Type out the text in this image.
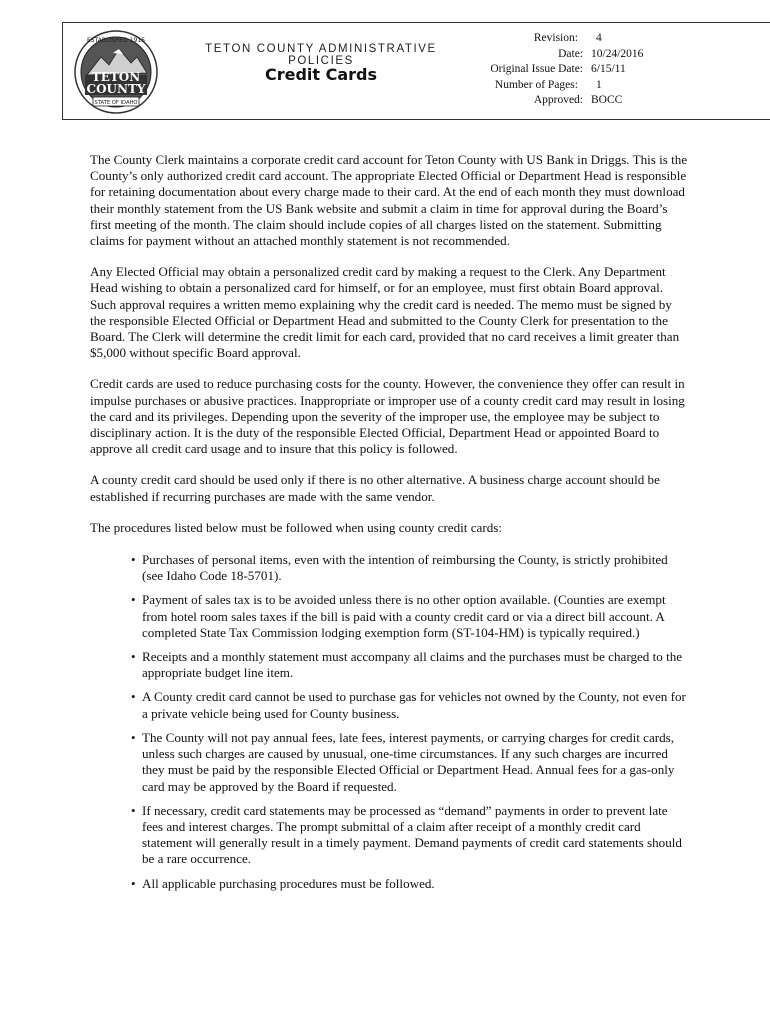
ESTABLISHED 1915
TETON
COUNTY
STATE OF IDAHO
TETON COUNTY ADMINISTRATIVE POLICIES
Credit Cards
Revision:	4
Date: 10/24/2016
Original Issue Date: 6/15/11
Number of Pages:	1
Approved: BOCC

The County Clerk maintains a corporate credit card account for Teton County with US Bank in Driggs. This is the County’s only authorized credit card account. The appropriate Elected Official or Department Head is responsible for retaining documentation about every charge made to their card. At the end of each month they must download their monthly statement from the US Bank website and submit a claim in time for approval during the Board’s first meeting of the month. The claim should include copies of all charges listed on the statement. Submitting claims for payment without an attached monthly statement is not recommended.

Any Elected Official may obtain a personalized credit card by making a request to the Clerk. Any Department Head wishing to obtain a personalized card for himself, or for an employee, must first obtain Board approval. Such approval requires a written memo explaining why the credit card is needed. The memo must be signed by the responsible Elected Official or Department Head and submitted to the County Clerk for presentation to the Board. The Clerk will determine the credit limit for each card, provided that no card receives a limit greater than $5,000 without specific Board approval.

Credit cards are used to reduce purchasing costs for the county. However, the convenience they offer can result in impulse purchases or abusive practices. Inappropriate or improper use of a county credit card may result in losing the card and its privileges. Depending upon the severity of the improper use, the employee may be subject to disciplinary action. It is the duty of the responsible Elected Official, Department Head or appointed Board to approve all credit card usage and to insure that this policy is followed.

A county credit card should be used only if there is no other alternative. A business charge account should be established if recurring purchases are made with the same vendor.

The procedures listed below must be followed when using county credit cards:

• Purchases of personal items, even with the intention of reimbursing the County, is strictly prohibited (see Idaho Code 18-5701).
• Payment of sales tax is to be avoided unless there is no other option available. (Counties are exempt from hotel room sales taxes if the bill is paid with a county credit card or via a direct bill account. A completed State Tax Commission lodging exemption form (ST-104-HM) is typically required.)
• Receipts and a monthly statement must accompany all claims and the purchases must be charged to the appropriate budget line item.
• A County credit card cannot be used to purchase gas for vehicles not owned by the County, not even for a private vehicle being used for County business.
• The County will not pay annual fees, late fees, interest payments, or carrying charges for credit cards, unless such charges are caused by unusual, one-time circumstances. If any such charges are incurred they must be paid by the responsible Elected Official or Department Head. Annual fees for a gas-only card may be approved by the Board if requested.
• If necessary, credit card statements may be processed as “demand” payments in order to prevent late fees and interest charges. The prompt submittal of a claim after receipt of a monthly credit card statement will generally result in a timely payment. Demand payments of credit card statements should be a rare occurrence.
• All applicable purchasing procedures must be followed.
